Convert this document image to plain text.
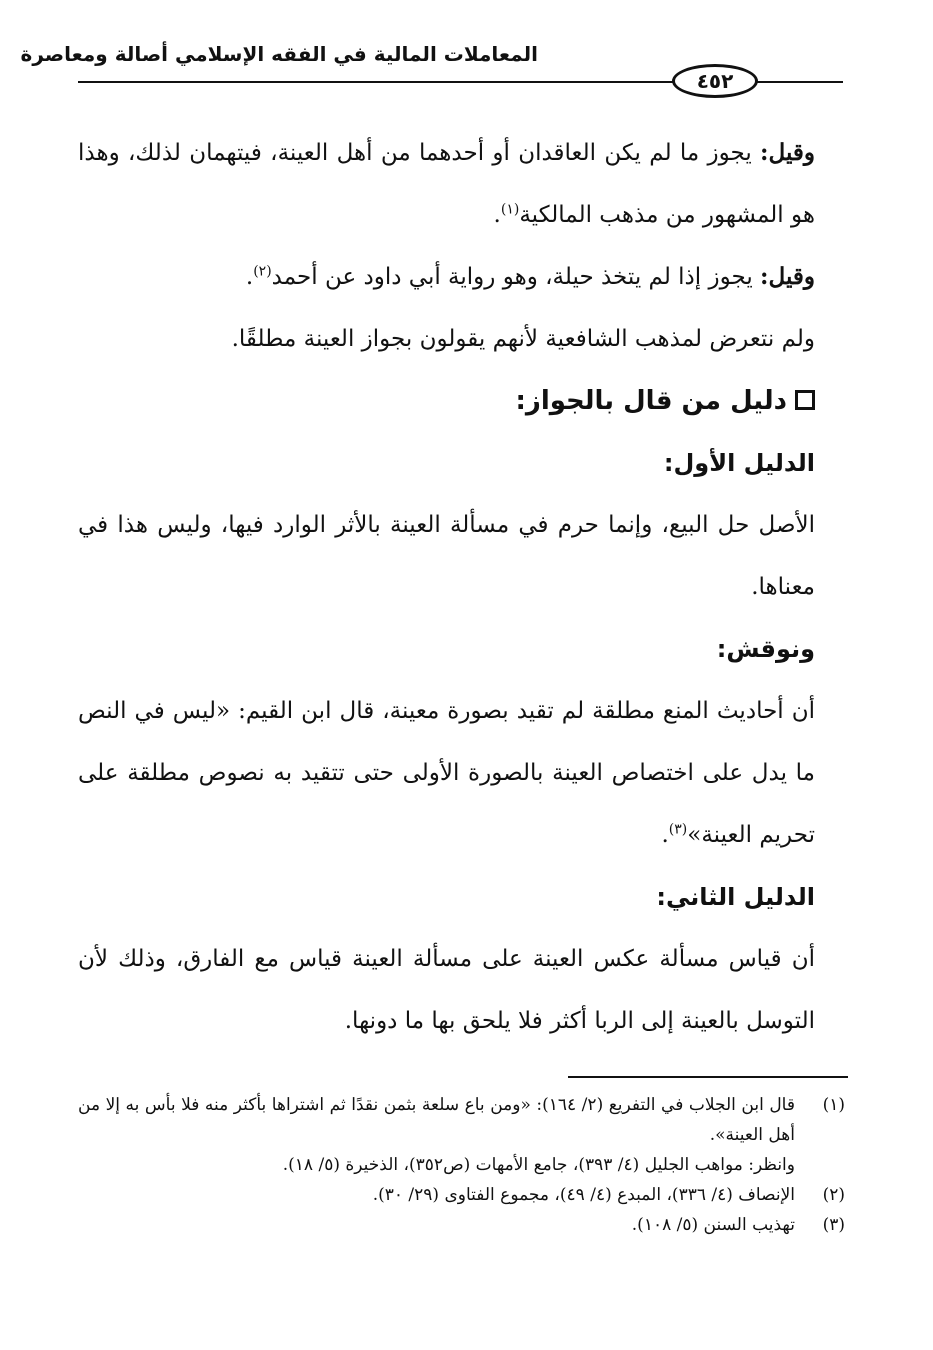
المعاملات المالية في الفقه الإسلامي أصالة ومعاصرة
٤٥٢

وقيل: يجوز ما لم يكن العاقدان أو أحدهما من أهل العينة، فيتهمان لذلك، وهذا هو المشهور من مذهب المالكية$^{(١)}$.

وقيل: يجوز إذا لم يتخذ حيلة، وهو رواية أبي داود عن أحمد$^{(٢)}$.

ولم نتعرض لمذهب الشافعية لأنهم يقولون بجواز العينة مطلقًا.

دليل من قال بالجواز:

الدليل الأول:

الأصل حل البيع، وإنما حرم في مسألة العينة بالأثر الوارد فيها، وليس هذا في معناها.

ونوقش:

أن أحاديث المنع مطلقة لم تقيد بصورة معينة، قال ابن القيم: «ليس في النص ما يدل على اختصاص العينة بالصورة الأولى حتى تتقيد به نصوص مطلقة على تحريم العينة»$^{(٣)}$.

الدليل الثاني:

أن قياس مسألة عكس العينة على مسألة العينة قياس مع الفارق، وذلك لأن التوسل بالعينة إلى الربا أكثر فلا يلحق بها ما دونها.

(١)
قال ابن الجلاب في التفريع (٢/ ١٦٤): «ومن باع سلعة بثمن نقدًا ثم اشتراها بأكثر منه فلا بأس به إلا من أهل العينة».

وانظر: مواهب الجليل (٤/ ٣٩٣)، جامع الأمهات (ص٣٥٢)، الذخيرة (٥/ ١٨).

(٢)
الإنصاف (٤/ ٣٣٦)، المبدع (٤/ ٤٩)، مجموع الفتاوى (٢٩/ ٣٠).

(٣)
تهذيب السنن (٥/ ١٠٨).
